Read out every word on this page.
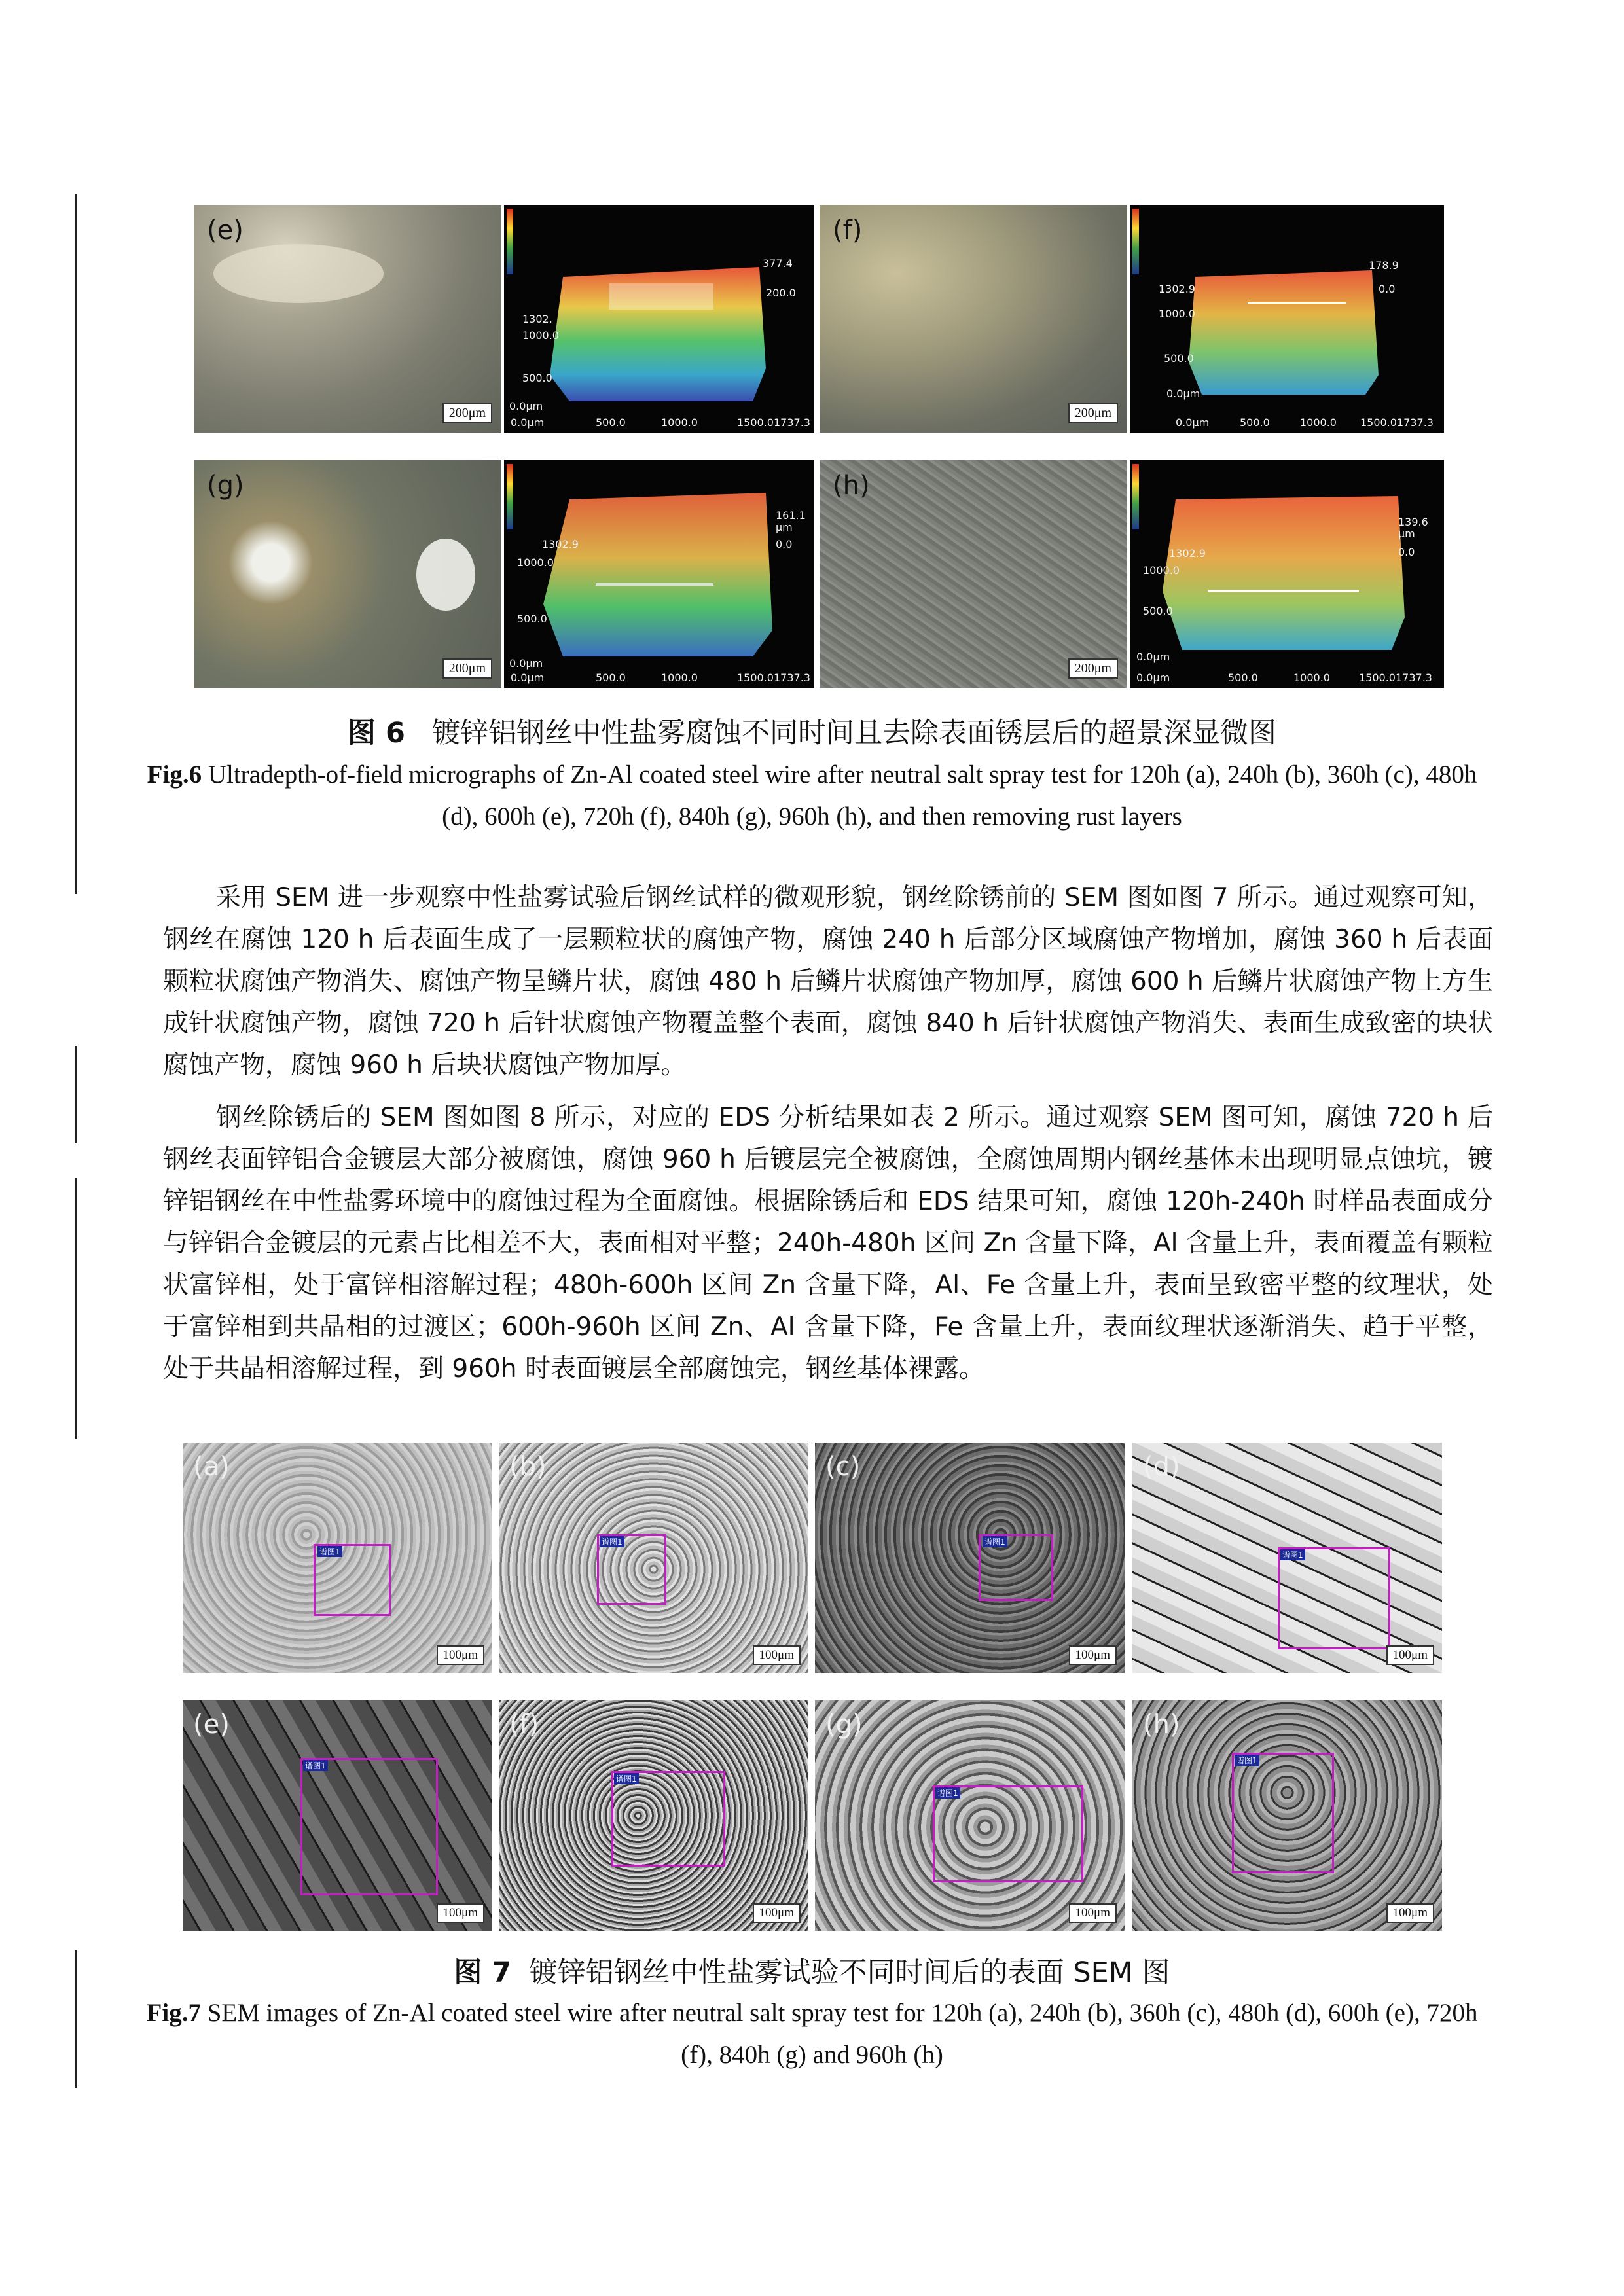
(e)
200μm
377.4
200.0
1302.
1000.0
500.0
0.0μm
0.0μm	500.0	1000.0	1500.01737.3
(f)
200μm
178.9
0.0
1302.9
1000.0
500.0
0.0μm
0.0μm	500.0	1000.0 1500.01737.3
(g)
200μm
161.1
μm
0.0
1302.9
1000.0
500.0
0.0μm
0.0μm	500.0	1000.0	1500.01737.3
(h)
200μm
139.6
μm
0.0
1302.9
1000.0
500.0
0.0μm
0.0μm	500.0	1000.0	1500.01737.3
图 6 镀锌铝钢丝中性盐雾腐蚀不同时间且去除表面锈层后的超景深显微图
Fig.6 Ultradepth-of-field micrographs of Zn-Al coated steel wire after neutral salt spray test for 120h (a), 240h (b), 360h (c), 480h (d), 600h (e), 720h (f), 840h (g), 960h (h), and then removing rust layers
采用 SEM 进一步观察中性盐雾试验后钢丝试样的微观形貌，钢丝除锈前的 SEM 图如图 7 所示。通过观察可知，钢丝在腐蚀 120 h 后表面生成了一层颗粒状的腐蚀产物，腐蚀 240 h 后部分区域腐蚀产物增加，腐蚀 360 h 后表面颗粒状腐蚀产物消失、腐蚀产物呈鳞片状，腐蚀 480 h 后鳞片状腐蚀产物加厚，腐蚀 600 h 后鳞片状腐蚀产物上方生成针状腐蚀产物，腐蚀 720 h 后针状腐蚀产物覆盖整个表面，腐蚀 840 h 后针状腐蚀产物消失、表面生成致密的块状腐蚀产物，腐蚀 960 h 后块状腐蚀产物加厚。
钢丝除锈后的 SEM 图如图 8 所示，对应的 EDS 分析结果如表 2 所示。通过观察 SEM 图可知，腐蚀 720 h 后钢丝表面锌铝合金镀层大部分被腐蚀，腐蚀 960 h 后镀层完全被腐蚀，全腐蚀周期内钢丝基体未出现明显点蚀坑，镀锌铝钢丝在中性盐雾环境中的腐蚀过程为全面腐蚀。根据除锈后和 EDS 结果可知，腐蚀 120h-240h 时样品表面成分与锌铝合金镀层的元素占比相差不大，表面相对平整；240h-480h 区间 Zn 含量下降，Al 含量上升，表面覆盖有颗粒状富锌相，处于富锌相溶解过程；480h-600h 区间 Zn 含量下降，Al、Fe 含量上升，表面呈致密平整的纹理状，处于富锌相到共晶相的过渡区；600h-960h 区间 Zn、Al 含量下降，Fe 含量上升，表面纹理状逐渐消失、趋于平整，处于共晶相溶解过程，到 960h 时表面镀层全部腐蚀完，钢丝基体裸露。
谱图1
(a)
100μm
谱图1
(b)
100μm
谱图1
(c)
100μm
谱图1
(d)
100μm
谱图1
(e)
100μm
谱图1
(f)
100μm
谱图1
(g)
100μm
谱图1
(h)
100μm
图 7 镀锌铝钢丝中性盐雾试验不同时间后的表面 SEM 图
Fig.7 SEM images of Zn-Al coated steel wire after neutral salt spray test for 120h (a), 240h (b), 360h (c), 480h (d), 600h (e), 720h (f), 840h (g) and 960h (h)
